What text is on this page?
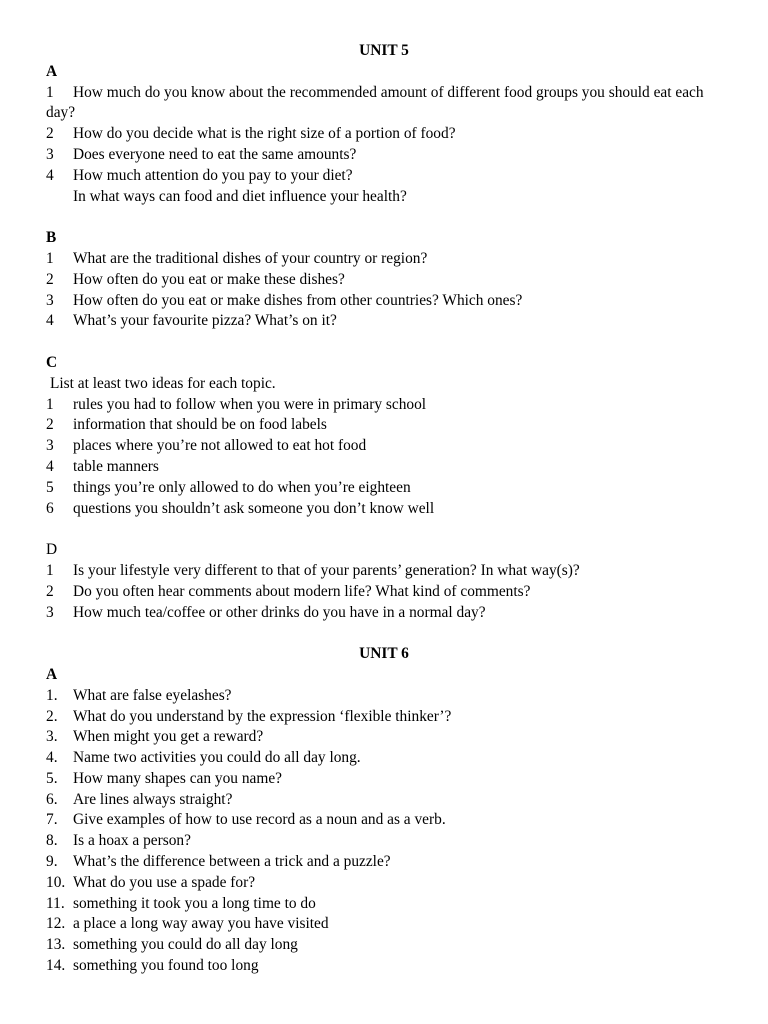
UNIT 5
A
1 How much do you know about the recommended amount of different food groups you should eat each day?
2	How do you decide what is the right size of a portion of food?
3	Does everyone need to eat the same amounts?
4	How much attention do you pay to your diet?
In what ways can food and diet influence your health?
B
1	What are the traditional dishes of your country or region?
2	How often do you eat or make these dishes?
3	How often do you eat or make dishes from other countries? Which ones?
4	What’s your favourite pizza? What’s on it?
C
List at least two ideas for each topic.
1	rules you had to follow when you were in primary school
2	information that should be on food labels
3	places where you’re not allowed to eat hot food
4	table manners
5	things you’re only allowed to do when you’re eighteen
6	questions you shouldn’t ask someone you don’t know well
D
1	Is your lifestyle very different to that of your parents’ generation? In what way(s)?
2	Do you often hear comments about modern life? What kind of comments?
3	How much tea/coffee or other drinks do you have in a normal day?
UNIT 6
A
1.	What are false eyelashes?
2.	What do you understand by the expression ‘flexible thinker’?
3.	When might you get a reward?
4.	Name two activities you could do all day long.
5.	How many shapes can you name?
6.	Are lines always straight?
7.	Give examples of how to use record as a noun and as a verb.
8.	Is a hoax a person?
9.	What’s the difference between a trick and a puzzle?
10. What do you use a spade for?
11. something it took you a long time to do
12. a place a long way away you have visited
13. something you could do all day long
14. something you found too long
